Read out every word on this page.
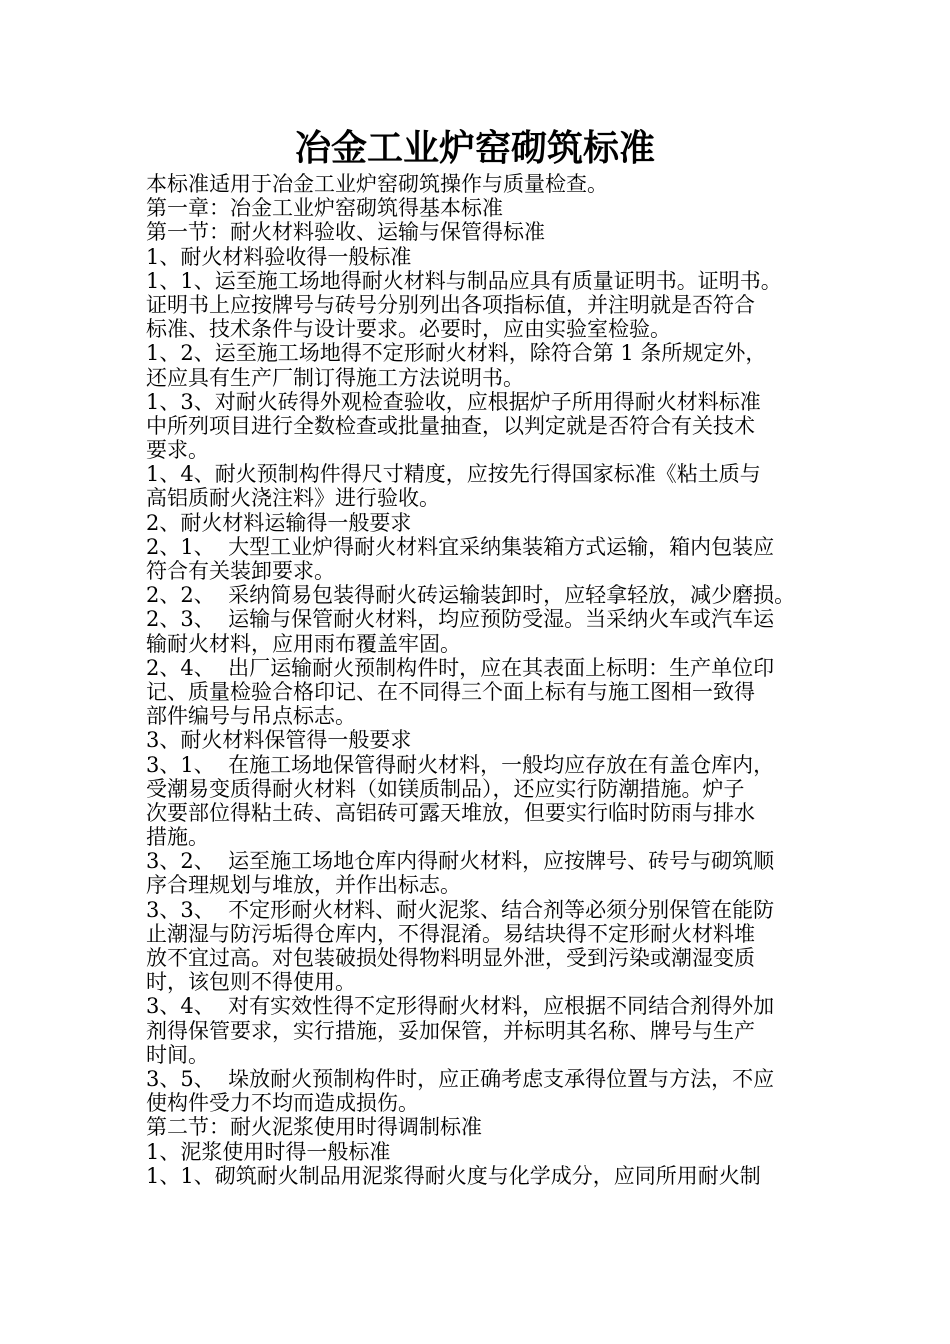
冶金工业炉窑砌筑标准
本标准适用于冶金工业炉窑砌筑操作与质量检查。
第一章：冶金工业炉窑砌筑得基本标准
第一节：耐火材料验收、运输与保管得标准
1、耐火材料验收得一般标准
1、1、运至施工场地得耐火材料与制品应具有质量证明书。证明书。
证明书上应按牌号与砖号分别列出各项指标值，并注明就是否符合
标准、技术条件与设计要求。必要时，应由实验室检验。
1、2、运至施工场地得不定形耐火材料，除符合第 1 条所规定外，
还应具有生产厂制订得施工方法说明书。
1、3、对耐火砖得外观检查验收，应根据炉子所用得耐火材料标准
中所列项目进行全数检查或批量抽查，以判定就是否符合有关技术
要求。
1、4、耐火预制构件得尺寸精度，应按先行得国家标准《粘土质与
高铝质耐火浇注料》进行验收。
2、耐火材料运输得一般要求
2、1、  大型工业炉得耐火材料宜采纳集装箱方式运输，箱内包装应
符合有关装卸要求。
2、2、  采纳简易包装得耐火砖运输装卸时，应轻拿轻放，减少磨损。
2、3、  运输与保管耐火材料，均应预防受湿。当采纳火车或汽车运
输耐火材料，应用雨布覆盖牢固。
2、4、  出厂运输耐火预制构件时，应在其表面上标明：生产单位印
记、质量检验合格印记、在不同得三个面上标有与施工图相一致得
部件编号与吊点标志。
3、耐火材料保管得一般要求
3、1、  在施工场地保管得耐火材料，一般均应存放在有盖仓库内，
受潮易变质得耐火材料（如镁质制品），还应实行防潮措施。炉子
次要部位得粘土砖、高铝砖可露天堆放，但要实行临时防雨与排水
措施。
3、2、  运至施工场地仓库内得耐火材料，应按牌号、砖号与砌筑顺
序合理规划与堆放，并作出标志。
3、3、  不定形耐火材料、耐火泥浆、结合剂等必须分别保管在能防
止潮湿与防污垢得仓库内，不得混淆。易结块得不定形耐火材料堆
放不宜过高。对包装破损处得物料明显外泄，受到污染或潮湿变质
时，该包则不得使用。
3、4、  对有实效性得不定形得耐火材料，应根据不同结合剂得外加
剂得保管要求，实行措施，妥加保管，并标明其名称、牌号与生产
时间。
3、5、  垛放耐火预制构件时，应正确考虑支承得位置与方法，不应
使构件受力不均而造成损伤。
第二节：耐火泥浆使用时得调制标准
1、泥浆使用时得一般标准
1、1、砌筑耐火制品用泥浆得耐火度与化学成分，应同所用耐火制
